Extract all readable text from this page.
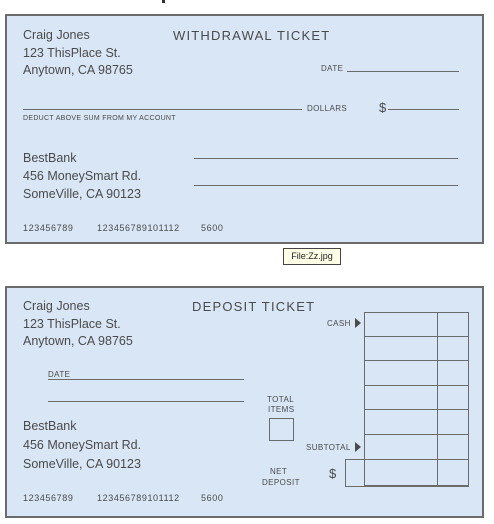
Craig Jones	WITHDRAWAL TICKET
123 ThisPlace St.
Anytown, CA 98765	DATE
DOLLARS $
DEDUCT ABOVE SUM FROM MY ACCOUNT
BestBank
456 MoneySmart Rd.
SomeVille, CA 90123
123456789	123456789101112 5600
File:Zz.jpg
Craig Jones	DEPOSIT TICKET
123 ThisPlace St.
Anytown, CA 98765
DATE
BestBank
456 MoneySmart Rd.
SomeVille, CA 90123
TOTAL
ITEMS
NET
DEPOSIT
$
CASH
SUBTOTAL
123456789	123456789101112 5600
